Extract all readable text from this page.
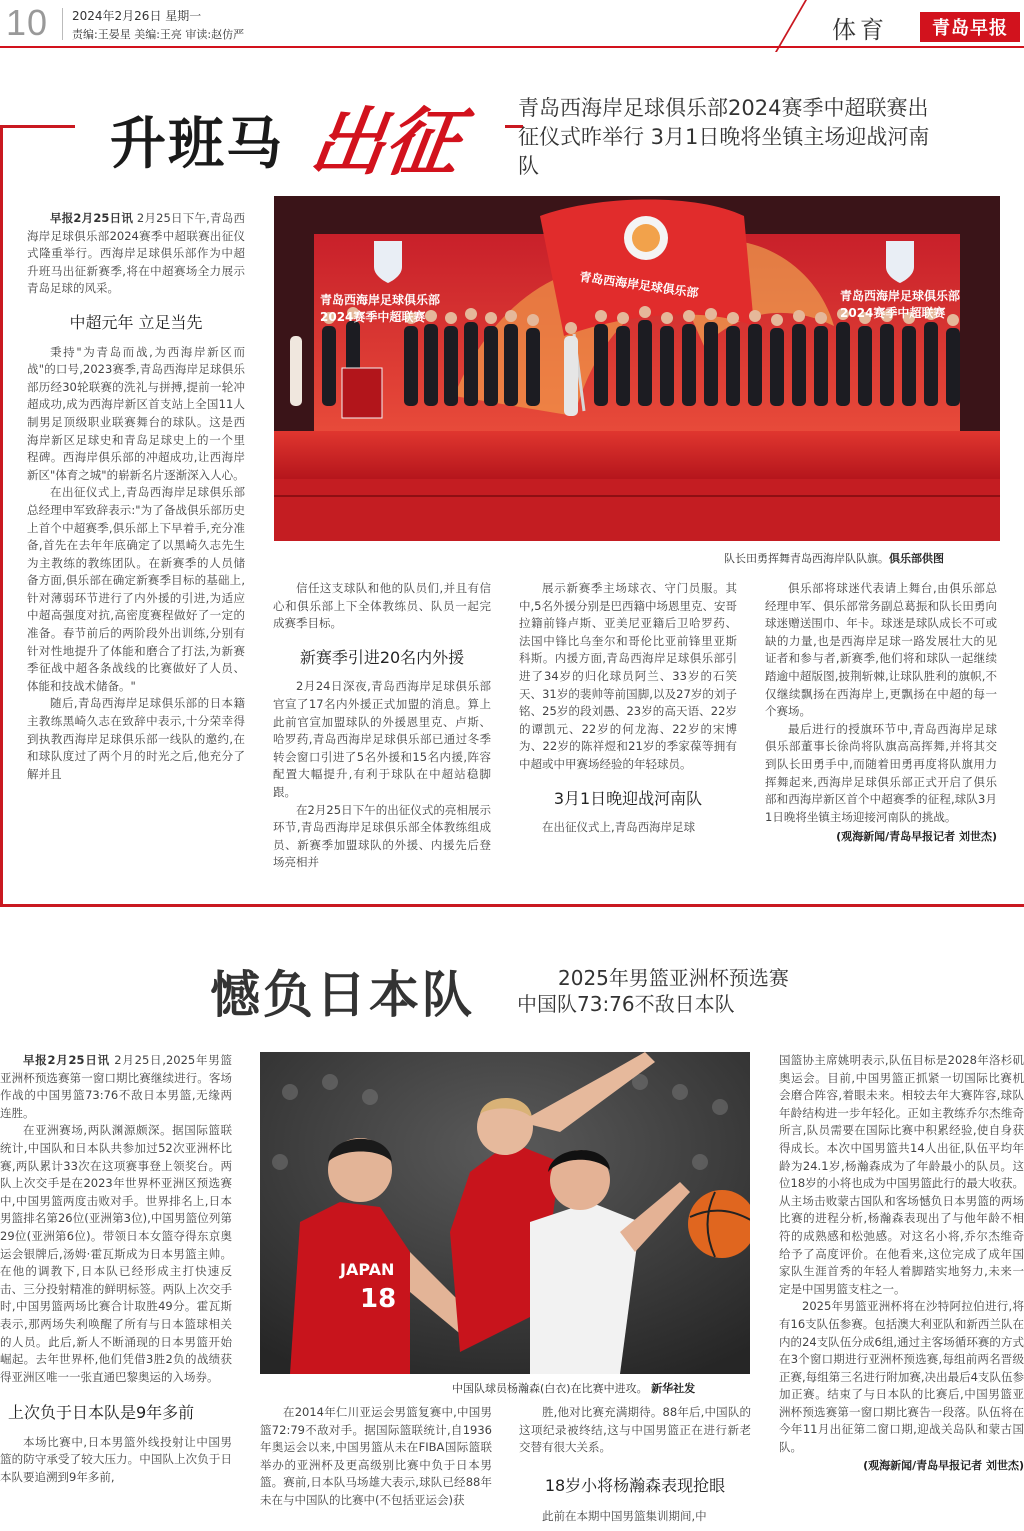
10 2024年2月26日 星期一
责编:王晏星 美编:王亮 审读:赵仿严	体育	青岛早报
升班马 出征	青岛西海岸足球俱乐部2024赛季中超联赛出征仪式昨举行 3月1日晚将坐镇主场迎战河南队
青岛西海岸足球俱乐部 2024赛季中超联赛
青岛西海岸足球俱乐部	青岛西海岸足球俱乐部 2024赛季中超联赛
队长田勇挥舞青岛西海岸队队旗。俱乐部供图

早报2月25日讯 2月25日下午,青岛西海岸足球俱乐部2024赛季中超联赛出征仪式隆重举行。西海岸足球俱乐部作为中超升班马出征新赛季,将在中超赛场全力展示青岛足球的风采。

中超元年 立足当先

秉持"为青岛而战,为西海岸新区而战"的口号,2023赛季,青岛西海岸足球俱乐部历经30轮联赛的洗礼与拼搏,提前一轮冲超成功,成为西海岸新区首支站上全国11人制男足顶级职业联赛舞台的球队。这是西海岸新区足球史和青岛足球史上的一个里程碑。西海岸俱乐部的冲超成功,让西海岸新区"体育之城"的崭新名片逐渐深入人心。

在出征仪式上,青岛西海岸足球俱乐部总经理申军致辞表示:"为了备战俱乐部历史上首个中超赛季,俱乐部上下早着手,充分准备,首先在去年年底确定了以黑崎久志先生为主教练的教练团队。在新赛季的人员储备方面,俱乐部在确定新赛季目标的基础上,针对薄弱环节进行了内外援的引进,为适应中超高强度对抗,高密度赛程做好了一定的准备。春节前后的两阶段外出训练,分别有针对性地提升了体能和磨合了打法,为新赛季征战中超各条战线的比赛做好了人员、体能和技战术储备。"

随后,青岛西海岸足球俱乐部的日本籍主教练黑崎久志在致辞中表示,十分荣幸得到执教西海岸足球俱乐部一线队的邀约,在和球队度过了两个月的时光之后,他充分了解并且

信任这支球队和他的队员们,并且有信心和俱乐部上下全体教练员、队员一起完成赛季目标。

新赛季引进20名内外援

2月24日深夜,青岛西海岸足球俱乐部官宣了17名内外援正式加盟的消息。算上此前官宣加盟球队的外援恩里克、卢斯、哈罗药,青岛西海岸足球俱乐部已通过冬季转会窗口引进了5名外援和15名内援,阵容配置大幅提升,有利于球队在中超站稳脚跟。

在2月25日下午的出征仪式的亮相展示环节,青岛西海岸足球俱乐部全体教练组成员、新赛季加盟球队的外援、内援先后登场亮相并

展示新赛季主场球衣、守门员服。其中,5名外援分别是巴西籍中场恩里克、安哥拉籍前锋卢斯、亚美尼亚籍后卫哈罗药、法国中锋比乌奎尔和哥伦比亚前锋里亚斯科斯。内援方面,青岛西海岸足球俱乐部引进了34岁的归化球员阿兰、33岁的石笑天、31岁的裴帅等前国脚,以及27岁的刘子铭、25岁的段刘愚、23岁的高天语、22岁的谭凯元、22岁的何龙海、22岁的宋博为、22岁的陈祥煜和21岁的季家葆等拥有中超或中甲赛场经验的年轻球员。

3月1日晚迎战河南队

在出征仪式上,青岛西海岸足球

俱乐部将球迷代表请上舞台,由俱乐部总经理申军、俱乐部常务副总葛振和队长田勇向球迷赠送围巾、年卡。球迷是球队成长不可或缺的力量,也是西海岸足球一路发展壮大的见证者和参与者,新赛季,他们将和球队一起继续踏逾中超版图,披荆斩棘,让球队胜利的旗帜,不仅继续飘扬在西海岸上,更飘扬在中超的每一个赛场。

最后进行的授旗环节中,青岛西海岸足球俱乐部董事长徐尚将队旗高高挥舞,并将其交到队长田勇手中,而随着田勇再度将队旗用力挥舞起来,西海岸足球俱乐部正式开启了俱乐部和西海岸新区首个中超赛季的征程,球队3月1日晚将坐镇主场迎接河南队的挑战。

(观海新闻/青岛早报记者 刘世杰)
憾负日本队	2025年男篮亚洲杯预选赛
中国队73:76不敌日本队
JAPAN
18
中国队球员杨瀚森(白衣)在比赛中进攻。 新华社发

早报2月25日讯 2月25日,2025年男篮亚洲杯预选赛第一窗口期比赛继续进行。客场作战的中国男篮73:76不敌日本男篮,无缘两连胜。

在亚洲赛场,两队渊源颇深。据国际篮联统计,中国队和日本队共参加过52次亚洲杯比赛,两队累计33次在这项赛事登上领奖台。两队上次交手是在2023年世界杯亚洲区预选赛中,中国男篮两度击败对手。世界排名上,日本男篮排名第26位(亚洲第3位),中国男篮位列第29位(亚洲第6位)。带领日本女篮夺得东京奥运会银牌后,汤姆·霍瓦斯成为日本男篮主帅。在他的调教下,日本队已经形成主打快速反击、三分投射精准的鲜明标签。两队上次交手时,中国男篮两场比赛合计取胜49分。霍瓦斯表示,那两场失利唤醒了所有与日本篮球相关的人员。此后,新人不断涌现的日本男篮开始崛起。去年世界杯,他们凭借3胜2负的战绩获得亚洲区唯一一张直通巴黎奥运的入场券。

上次负于日本队是9年多前

本场比赛中,日本男篮外线投射让中国男篮的防守承受了较大压力。中国队上次负于日本队要追溯到9年多前,

在2014年仁川亚运会男篮复赛中,中国男篮72:79不敌对手。据国际篮联统计,自1936年奥运会以来,中国男篮从未在FIBA国际篮联举办的亚洲杯及更高级别比赛中负于日本男篮。赛前,日本队马场雄大表示,球队已经88年未在与中国队的比赛中(不包括亚运会)获

胜,他对比赛充满期待。88年后,中国队的这项纪录被终结,这与中国男篮正在进行新老交替有很大关系。

18岁小将杨瀚森表现抢眼

此前在本期中国男篮集训期间,中

国篮协主席姚明表示,队伍目标是2028年洛杉矶奥运会。目前,中国男篮正抓紧一切国际比赛机会磨合阵容,着眼未来。相较去年大赛阵容,球队年龄结构进一步年轻化。正如主教练乔尔杰维奇所言,队员需要在国际比赛中积累经验,使自身获得成长。本次中国男篮共14人出征,队伍平均年龄为24.1岁,杨瀚森成为了年龄最小的队员。这位18岁的小将也成为中国男篮此行的最大收获。从主场击败蒙古国队和客场憾负日本男篮的两场比赛的进程分析,杨瀚森表现出了与他年龄不相符的成熟感和松弛感。对这名小将,乔尔杰维奇给予了高度评价。在他看来,这位完成了成年国家队生涯首秀的年轻人着脚踏实地努力,未来一定是中国男篮支柱之一。

2025年男篮亚洲杯将在沙特阿拉伯进行,将有16支队伍参赛。包括澳大利亚队和新西兰队在内的24支队伍分成6组,通过主客场循环赛的方式在3个窗口期进行亚洲杯预选赛,每组前两名晋级正赛,每组第三名进行附加赛,决出最后4支队伍参加正赛。结束了与日本队的比赛后,中国男篮亚洲杯预选赛第一窗口期比赛告一段落。队伍将在今年11月出征第二窗口期,迎战关岛队和蒙古国队。

(观海新闻/青岛早报记者 刘世杰)
